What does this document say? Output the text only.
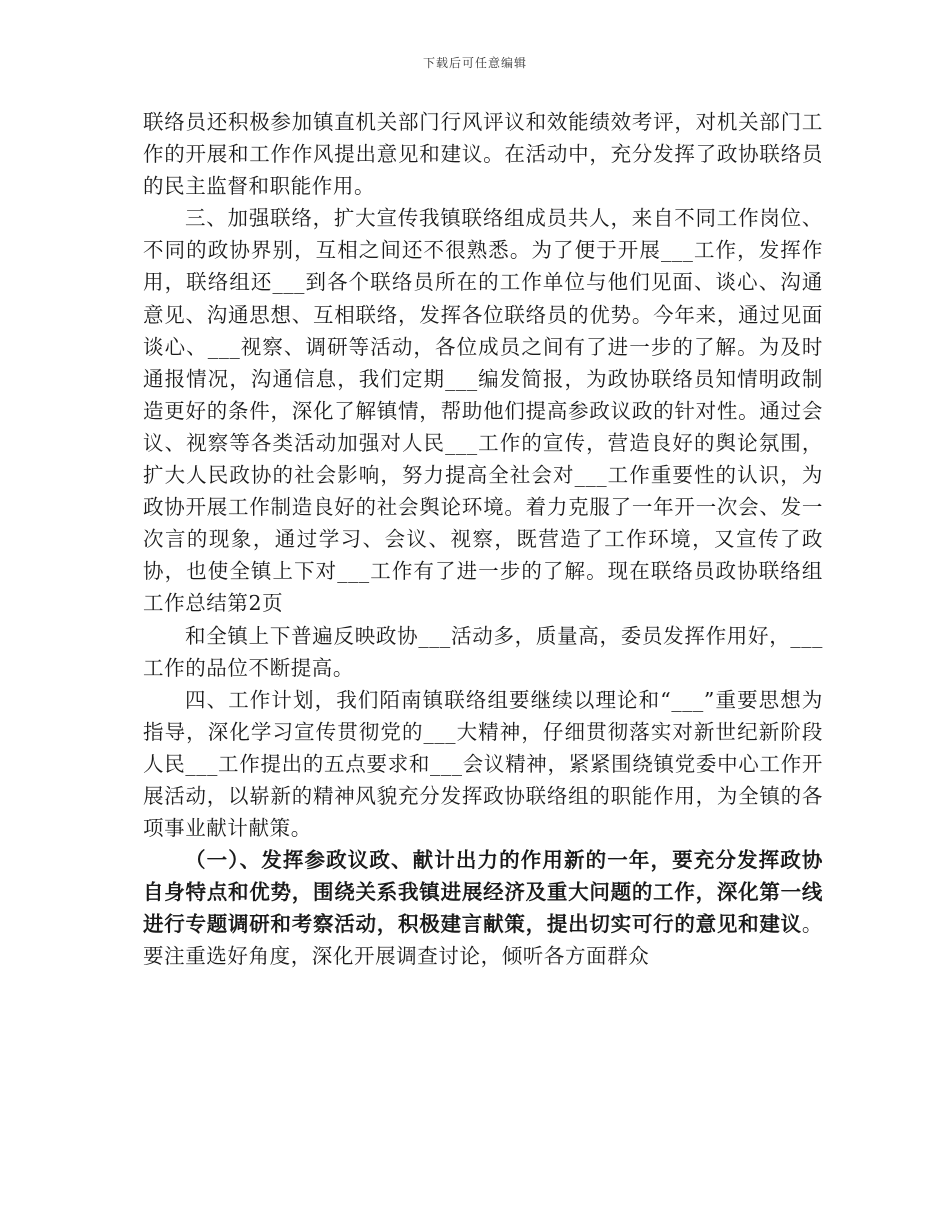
下载后可任意编辑

联络员还积极参加镇直机关部门行风评议和效能绩效考评，对机关部门工作的开展和工作作风提出意见和建议。在活动中，充分发挥了政协联络员的民主监督和职能作用。

三、加强联络，扩大宣传我镇联络组成员共人，来自不同工作岗位、不同的政协界别，互相之间还不很熟悉。为了便于开展___工作，发挥作用，联络组还___到各个联络员所在的工作单位与他们见面、谈心、沟通意见、沟通思想、互相联络，发挥各位联络员的优势。今年来，通过见面谈心、___视察、调研等活动，各位成员之间有了进一步的了解。为及时通报情况，沟通信息，我们定期___编发简报，为政协联络员知情明政制造更好的条件，深化了解镇情，帮助他们提高参政议政的针对性。通过会议、视察等各类活动加强对人民___工作的宣传，营造良好的舆论氛围，扩大人民政协的社会影响，努力提高全社会对___工作重要性的认识，为政协开展工作制造良好的社会舆论环境。着力克服了一年开一次会、发一次言的现象，通过学习、会议、视察，既营造了工作环境，又宣传了政协，也使全镇上下对___工作有了进一步的了解。现在联络员政协联络组工作总结第2页

和全镇上下普遍反映政协___活动多，质量高，委员发挥作用好，___工作的品位不断提高。

四、工作计划，我们陌南镇联络组要继续以理论和“___”重要思想为指导，深化学习宣传贯彻党的___大精神，仔细贯彻落实对新世纪新阶段人民___工作提出的五点要求和___会议精神，紧紧围绕镇党委中心工作开展活动，以崭新的精神风貌充分发挥政协联络组的职能作用，为全镇的各项事业献计献策。

（一）、发挥参政议政、献计出力的作用新的一年，要充分发挥政协自身特点和优势，围绕关系我镇进展经济及重大问题的工作，深化第一线进行专题调研和考察活动，积极建言献策，提出切实可行的意见和建议。要注重选好角度，深化开展调查讨论，倾听各方面群众
